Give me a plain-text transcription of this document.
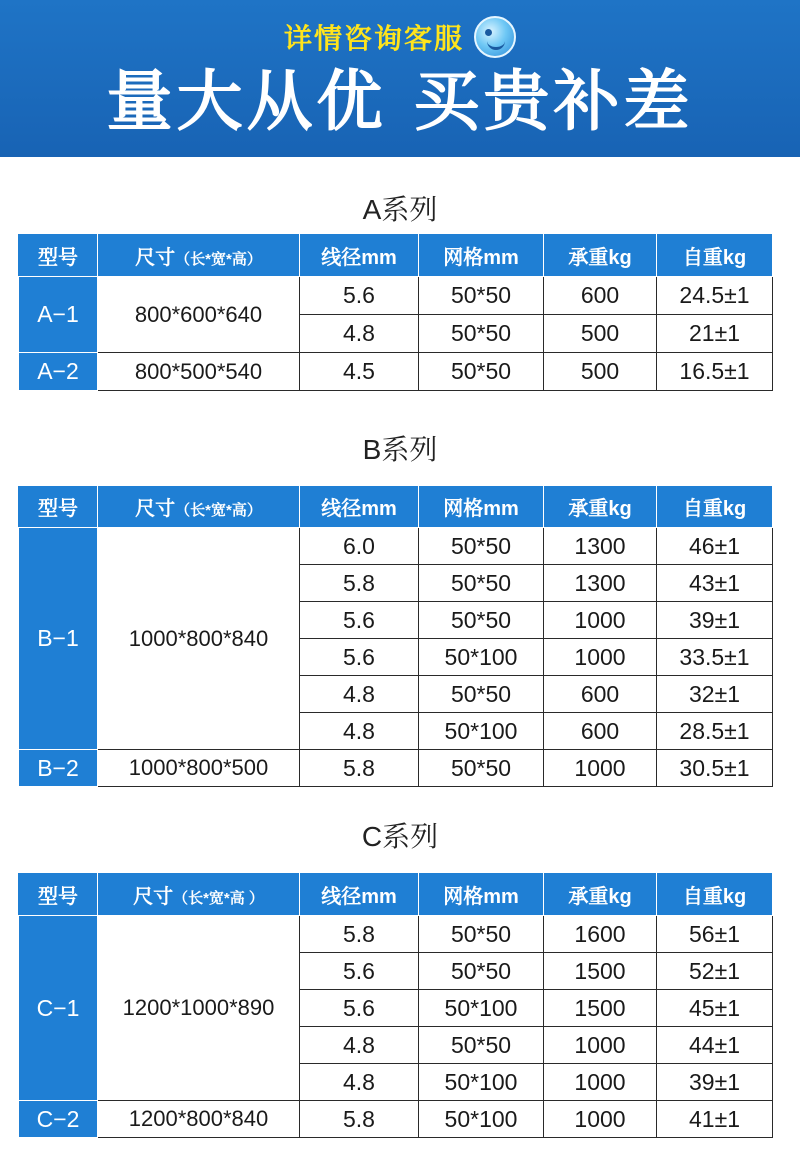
详情咨询客服
量大从优 买贵补差
A系列
型号	尺寸（长*宽*高）	线径mm	网格mm	承重kg	自重kg
A−1	800*600*640	5.6	50*50	600	24.5±1
		4.8	50*50	500	21±1
A−2	800*500*540	4.5	50*50	500	16.5±1
B系列
型号	尺寸（长*宽*高）	线径mm	网格mm	承重kg	自重kg
B−1	1000*800*840	6.0	50*50	1300	46±1
		5.8	50*50	1300	43±1
		5.6	50*50	1000	39±1
		5.6	50*100	1000	33.5±1
		4.8	50*50	600	32±1
		4.8	50*100	600	28.5±1
B−2	1000*800*500	5.8	50*50	1000	30.5±1
C系列
型号	尺寸（长*宽*高 ）	线径mm	网格mm	承重kg	自重kg
C−1	1200*1000*890	5.8	50*50	1600	56±1
		5.6	50*50	1500	52±1
		5.6	50*100	1500	45±1
		4.8	50*50	1000	44±1
		4.8	50*100	1000	39±1
C−2	1200*800*840	5.8	50*100	1000	41±1
